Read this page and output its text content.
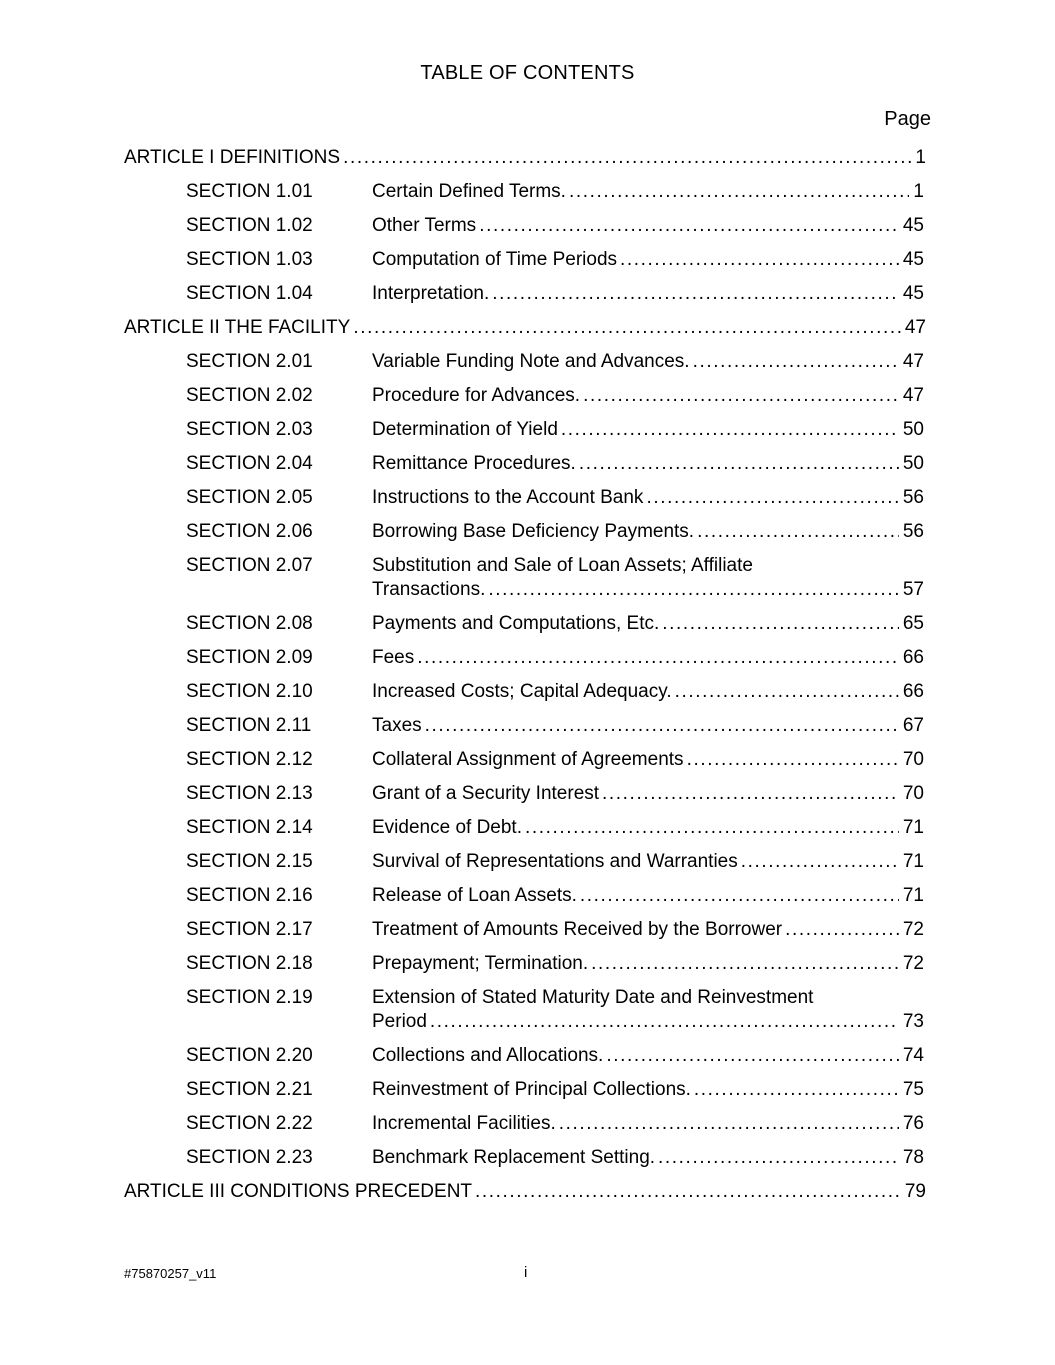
TABLE OF CONTENTS
Page
ARTICLE I DEFINITIONS .....	1
SECTION 1.01	Certain Defined Terms. .....	1
SECTION 1.02	Other Terms .....	45
SECTION 1.03	Computation of Time Periods .....	45
SECTION 1.04	Interpretation. .....	45
ARTICLE II THE FACILITY .....	47
SECTION 2.01	Variable Funding Note and Advances. .....	47
SECTION 2.02	Procedure for Advances. .....	47
SECTION 2.03	Determination of Yield .....	50
SECTION 2.04	Remittance Procedures. .....	50
SECTION 2.05	Instructions to the Account Bank .....	56
SECTION 2.06	Borrowing Base Deficiency Payments. .....	56
SECTION 2.07	Substitution and Sale of Loan Assets; Affiliate
Transactions. .....	57
SECTION 2.08	Payments and Computations, Etc. .....	65
SECTION 2.09	Fees .....	66
SECTION 2.10	Increased Costs; Capital Adequacy. .....	66
SECTION 2.11	Taxes .....	67
SECTION 2.12	Collateral Assignment of Agreements .....	70
SECTION 2.13	Grant of a Security Interest .....	70
SECTION 2.14	Evidence of Debt. .....	71
SECTION 2.15	Survival of Representations and Warranties .....	71
SECTION 2.16	Release of Loan Assets. .....	71
SECTION 2.17	Treatment of Amounts Received by the Borrower .....	72
SECTION 2.18	Prepayment; Termination. .....	72
SECTION 2.19	Extension of Stated Maturity Date and Reinvestment
Period .....	73
SECTION 2.20	Collections and Allocations. .....	74
SECTION 2.21	Reinvestment of Principal Collections. .....	75
SECTION 2.22	Incremental Facilities. .....	76
SECTION 2.23	Benchmark Replacement Setting. .....	78
ARTICLE III CONDITIONS PRECEDENT .....	79
#75870257_v11	i
